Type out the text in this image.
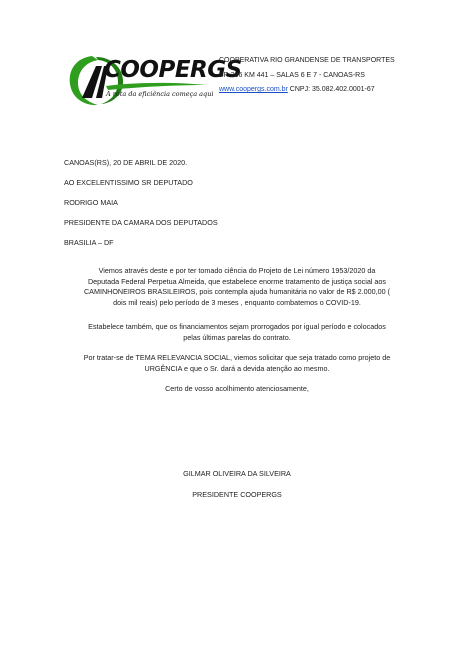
COOPERGS
A rota da eficiência começa aqui
COOPERATIVA RIO GRANDENSE DE TRANSPORTES
BR 386 KM 441 – SALAS 6 E 7 - CANOAS-RS
www.coopergs.com.br CNPJ: 35.082.402.0001-67
CANOAS(RS), 20 DE ABRIL DE 2020.
AO EXCELENTISSIMO SR DEPUTADO
RODRIGO MAIA
PRESIDENTE DA CAMARA DOS DEPUTADOS
BRASILIA – DF
Viemos através deste e por ter tomado ciência do Projeto de Lei número 1953/2020 da
Deputada Federal Perpetua Almeida, que estabelece enorme tratamento de justiça social aos
CAMINHONEIROS BRASILEIROS, pois contempla ajuda humanitária no valor de R$ 2.000,00 (
dois mil reais) pelo período de 3 meses , enquanto combatemos o COVID-19.
Estabelece também, que os financiamentos sejam prorrogados por igual período e colocados
pelas últimas parelas do contrato.
Por tratar-se de TEMA RELEVANCIA SOCIAL, viemos solicitar que seja tratado como projeto de
URGÊNCIA e que o Sr. dará a devida atenção ao mesmo.
Certo de vosso acolhimento atenciosamente,
GILMAR OLIVEIRA DA SILVEIRA
PRESIDENTE COOPERGS
